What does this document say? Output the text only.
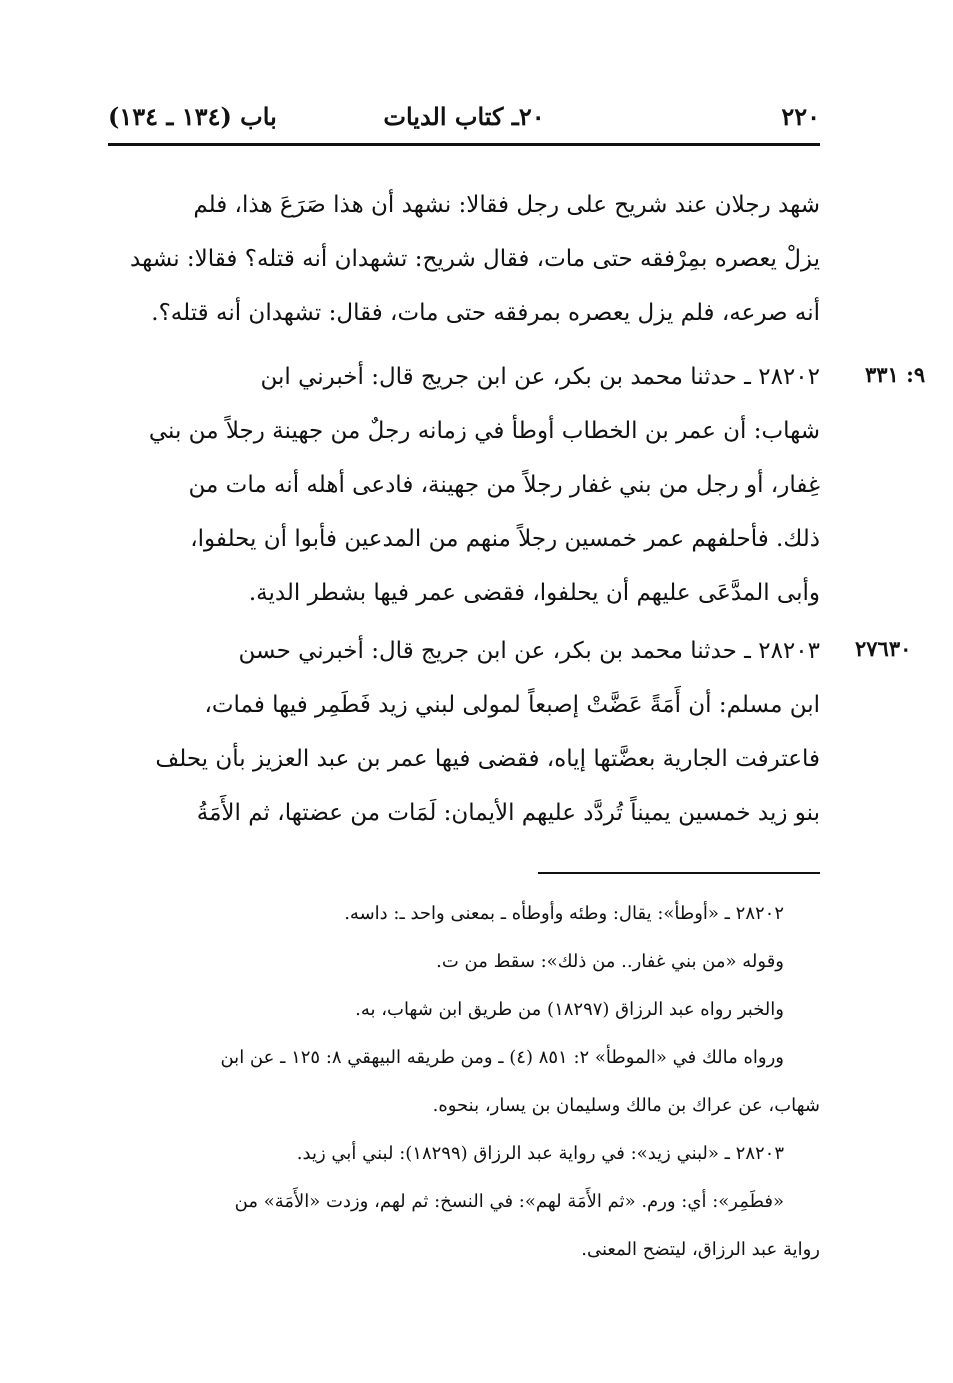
٢٢٠
٢٠ـ كتاب الديات
باب (١٣٤ ـ ١٣٤)
شهد رجلان عند شريح على رجل فقالا: نشهد أن هذا صَرَعَ هذا، فلم
يزلْ يعصره بمِرْفقه حتى مات، فقال شريح: تشهدان أنه قتله؟ فقالا: نشهد
أنه صرعه، فلم يزل يعصره بمرفقه حتى مات، فقال: تشهدان أنه قتله؟.
٩: ٣٣١
٢٨٢٠٢ ـ حدثنا محمد بن بكر، عن ابن جريج قال: أخبرني ابن
شهاب: أن عمر بن الخطاب أوطأ في زمانه رجلٌ من جهينة رجلاً من بني
غِفار، أو رجل من بني غفار رجلاً من جهينة، فادعى أهله أنه مات من
ذلك. فأحلفهم عمر خمسين رجلاً منهم من المدعين فأبوا أن يحلفوا،
وأبى المدَّعَى عليهم أن يحلفوا، فقضى عمر فيها بشطر الدية.
٢٧٦٣٠
٢٨٢٠٣ ـ حدثنا محمد بن بكر، عن ابن جريج قال: أخبرني حسن
ابن مسلم: أن أَمَةً عَضَّتْ إصبعاً لمولى لبني زيد فَطَمِر فيها فمات،
فاعترفت الجارية بعضَّتها إياه، فقضى فيها عمر بن عبد العزيز بأن يحلف
بنو زيد خمسين يميناً تُردَّد عليهم الأيمان: لَمَات من عضتها، ثم الأَمَةُ
٢٨٢٠٢ ـ «أوطأ»: يقال: وطئه وأوطأه ـ بمعنى واحد ـ: داسه.
وقوله «من بني غفار.. من ذلك»: سقط من ت.
والخبر رواه عبد الرزاق (١٨٢٩٧) من طريق ابن شهاب، به.
ورواه مالك في «الموطأ» ٢: ٨٥١ (٤) ـ ومن طريقه البيهقي ٨: ١٢٥ ـ عن ابن
شهاب، عن عراك بن مالك وسليمان بن يسار، بنحوه.
٢٨٢٠٣ ـ «لبني زيد»: في رواية عبد الرزاق (١٨٢٩٩): لبني أبي زيد.
«فطَمِر»: أي: ورم. «ثم الأَمَة لهم»: في النسخ: ثم لهم، وزدت «الأَمَة» من
رواية عبد الرزاق، ليتضح المعنى.
